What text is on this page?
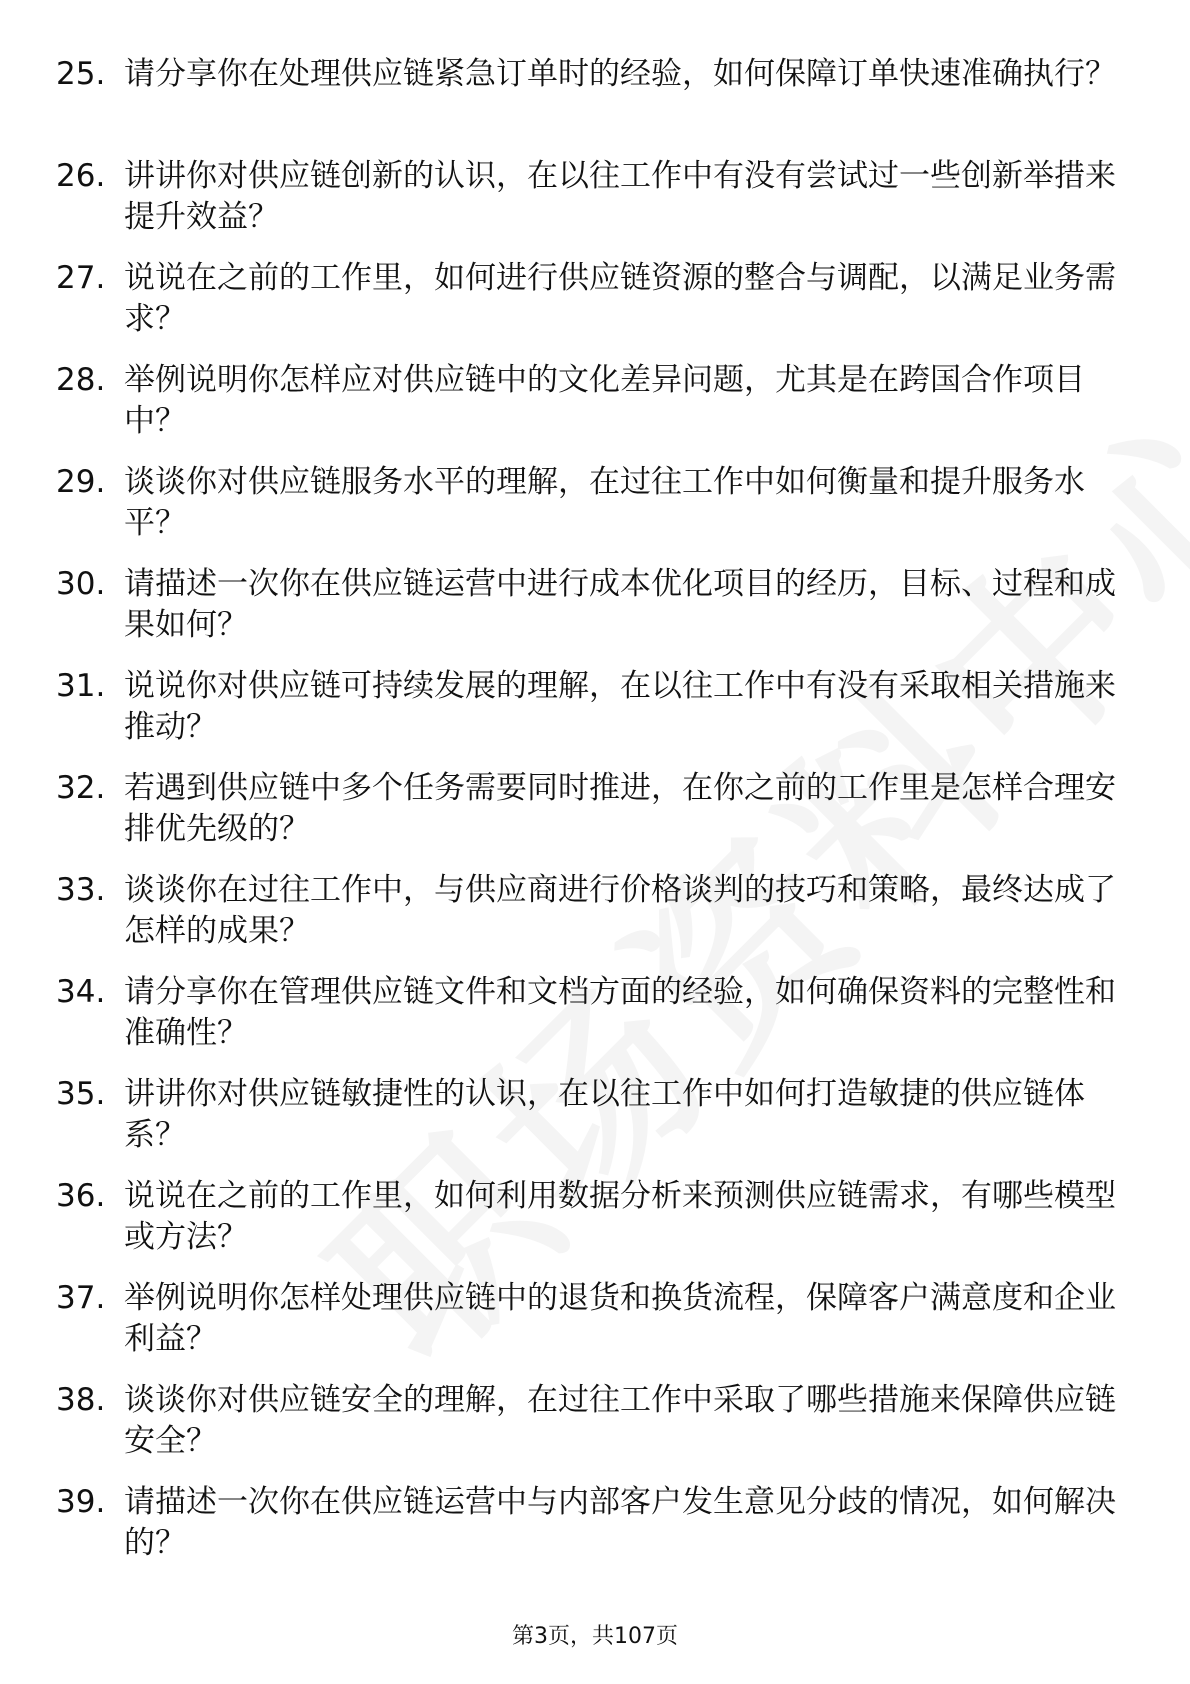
25. 请分享你在处理供应链紧急订单时的经验，如何保障订单快速准确执行？
26. 讲讲你对供应链创新的认识，在以往工作中有没有尝试过一些创新举措来提升效益？
27. 说说在之前的工作里，如何进行供应链资源的整合与调配，以满足业务需求？
28. 举例说明你怎样应对供应链中的文化差异问题，尤其是在跨国合作项目中？
29. 谈谈你对供应链服务水平的理解，在过往工作中如何衡量和提升服务水平？
30. 请描述一次你在供应链运营中进行成本优化项目的经历，目标、过程和成果如何？
31. 说说你对供应链可持续发展的理解，在以往工作中有没有采取相关措施来推动？
32. 若遇到供应链中多个任务需要同时推进，在你之前的工作里是怎样合理安排优先级的？
33. 谈谈你在过往工作中，与供应商进行价格谈判的技巧和策略，最终达成了怎样的成果？
34. 请分享你在管理供应链文件和文档方面的经验，如何确保资料的完整性和准确性？
35. 讲讲你对供应链敏捷性的认识，在以往工作中如何打造敏捷的供应链体系？
36. 说说在之前的工作里，如何利用数据分析来预测供应链需求，有哪些模型或方法？
37. 举例说明你怎样处理供应链中的退货和换货流程，保障客户满意度和企业利益？
38. 谈谈你对供应链安全的理解，在过往工作中采取了哪些措施来保障供应链安全？
39. 请描述一次你在供应链运营中与内部客户发生意见分歧的情况，如何解决的？
第3页，共107页
